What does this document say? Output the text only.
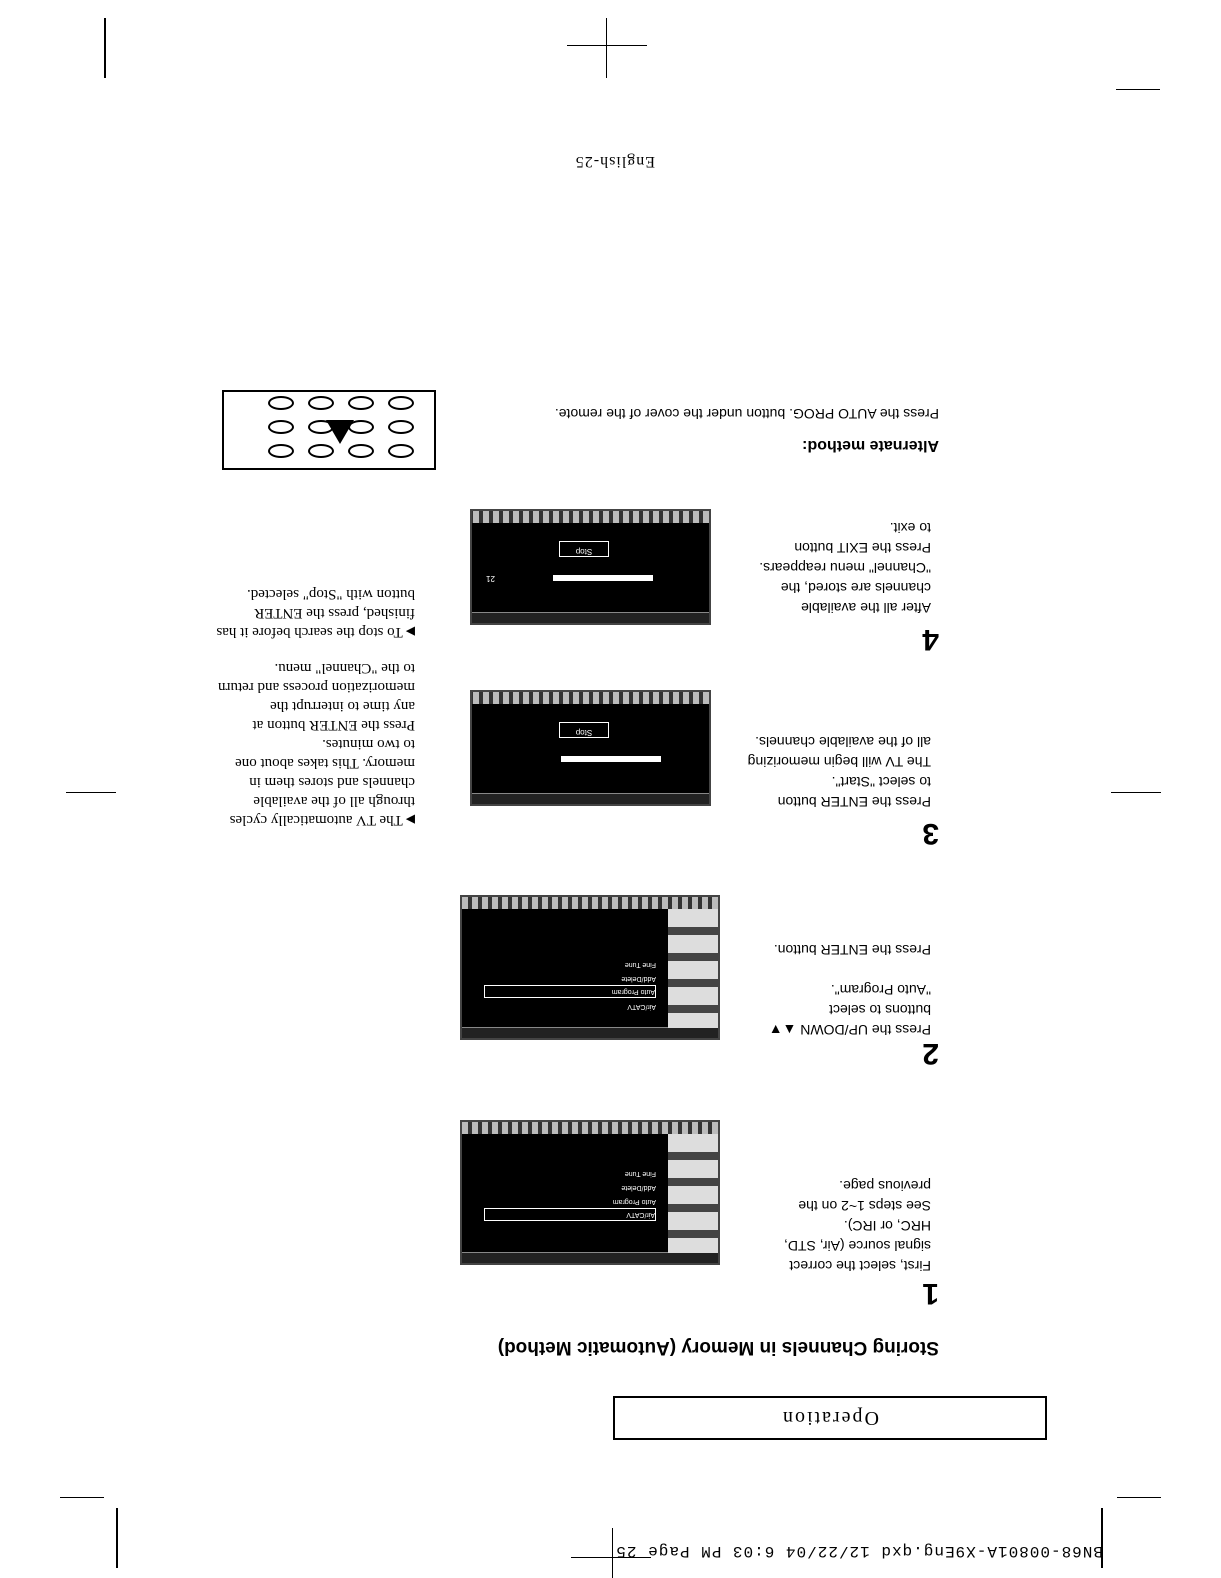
BN68-00801A-X9Eng.qxd 12/22/04 6:03 PM Page 25
Operation
Storing Channels in Memory (Automatic Method)
1
First, select the correct
signal source (Air, STD,
HRC, or IRC).
See steps 1~2 on the
previous page.
Air/CATV
Auto Program
Add/Delete
Fine Tune
2
Press the UP/DOWN ▲▼
buttons to select
"Auto Program".

Press the ENTER button.
Air/CATV
Auto Program
Add/Delete
Fine Tune
3
Press the ENTER button
to select "Start".
The TV will begin memorizing
all of the available channels.
Stop
4
After all the available
channels are stored, the
"Channel" menu reappears.
Press the EXIT button
to exit.
21
Stop

▶ The TV automatically cycles
through all of the available
channels and stores them in
memory. This takes about one
to two minutes.
Press the ENTER button at
any time to interrupt the
memorization process and return
to the "Channel" menu.

▶ To stop the search before it has
finished, press the ENTER
button with "Stop" selected.

Alternate method:
Press the AUTO PROG. button under the cover of the remote.
English-25
